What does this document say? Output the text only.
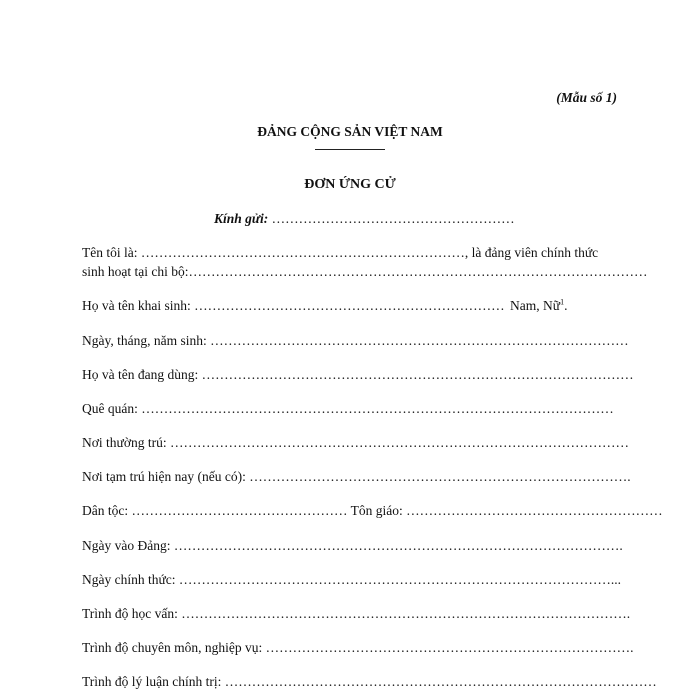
(Mẫu số 1)
ĐẢNG CỘNG SẢN VIỆT NAM
ĐƠN ỨNG CỬ
Kính gửi: ………………………………………………
Tên tôi là: ………………………………………………………………, là đảng viên chính thức
sinh hoạt tại chi bộ:…………………………………………………………………………………………
Họ và tên khai sinh: …………………………………………………………… Nam, Nữ$^1$.
Ngày, tháng, năm sinh: …………………………………………………………………………………
Họ và tên đang dùng: ……………………………………………………………………………………
Quê quán: ……………………………………………………………………………………………
Nơi thường trú: …………………………………………………………………………………………
Nơi tạm trú hiện nay (nếu có): ………………………………………………………………………….
Dân tộc: ………………………………………… Tôn giáo: …………………………………………………
Ngày vào Đảng: ……………………………………………………………………………………….
Ngày chính thức: ……………………………………………………………………………………...
Trình độ học vấn: ……………………………………………………………………………………….
Trình độ chuyên môn, nghiệp vụ: ……………………………………………………………………….
Trình độ lý luận chính trị: ……………………………………………………………………………………
